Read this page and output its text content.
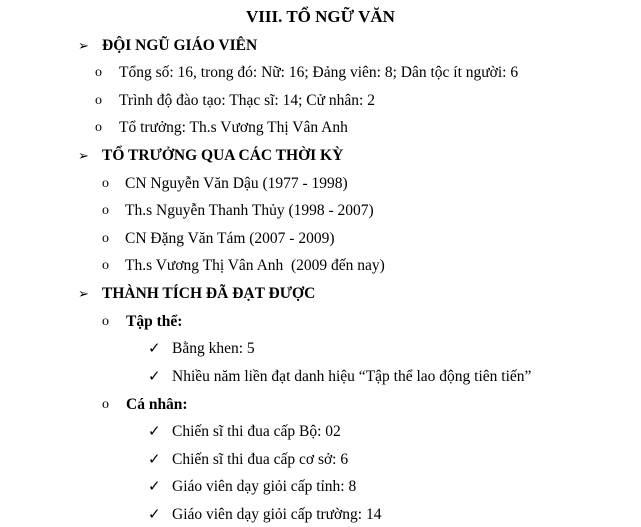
VIII. TỔ NGỮ VĂN
➢ ĐỘI NGŨ GIÁO VIÊN
o Tổng số: 16, trong đó: Nữ: 16; Đảng viên: 8; Dân tộc ít người: 6
o Trình độ đào tạo: Thạc sĩ: 14; Cử nhân: 2
o Tổ trưởng: Th.s Vương Thị Vân Anh
➢ TỔ TRƯỞNG QUA CÁC THỜI KỲ
o CN Nguyễn Văn Dậu (1977 - 1998)
o Th.s Nguyễn Thanh Thủy (1998 - 2007)
o CN Đặng Văn Tám (2007 - 2009)
o Th.s Vương Thị Vân Anh  (2009 đến nay)
➢ THÀNH TÍCH ĐÃ ĐẠT ĐƯỢC
o Tập thể:
✓ Bằng khen: 5
✓ Nhiều năm liền đạt danh hiệu “Tập thể lao động tiên tiến”
o Cá nhân:
✓ Chiến sĩ thi đua cấp Bộ: 02
✓ Chiến sĩ thi đua cấp cơ sở: 6
✓ Giáo viên dạy giỏi cấp tỉnh: 8
✓ Giáo viên dạy giỏi cấp trường: 14
